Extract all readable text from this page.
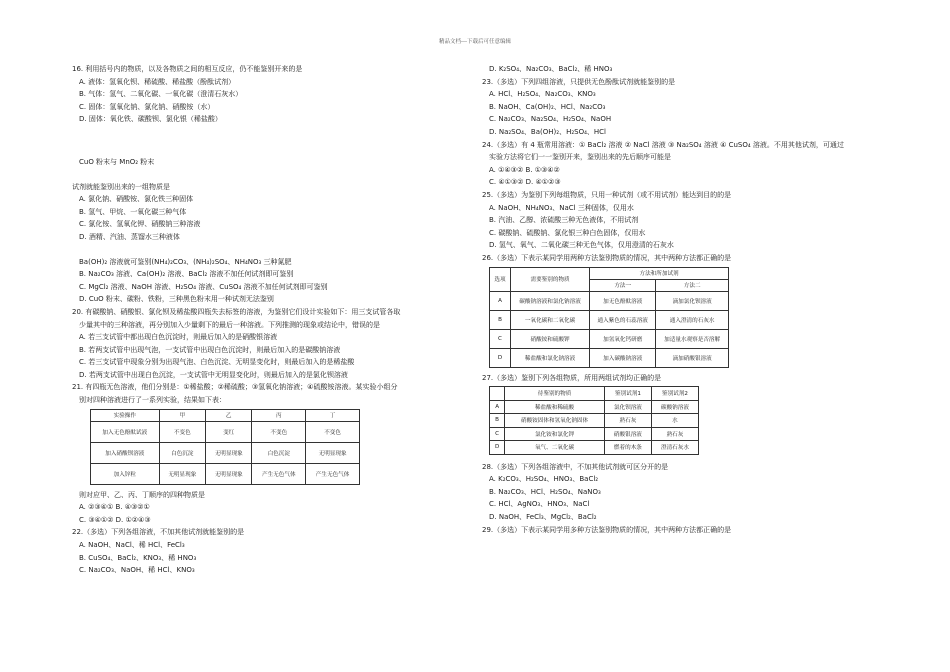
精品文档---下载后可任意编辑
16. 利用括号内的物质，以及各物质之间的相互反应，仍不能鉴别开来的是
A. 液体：氢氧化钡、稀硫酸、稀盐酸（酚酞试剂）
B. 气体：氢气、二氧化碳、一氧化碳（澄清石灰水）
C. 固体：氢氧化钠、氯化钠、硝酸铵（水）
D. 固体：氧化铁、碳酸钡、氯化银（稀盐酸）
CuO 粉末与 MnO₂ 粉末
试剂就能鉴别出来的一组物质是
A. 氯化钠、硝酸铵、氯化铁三种固体
B. 氢气、甲烷、一氧化碳三种气体
C. 氯化铵、氢氧化钾、硝酸钠三种溶液
D. 酒精、汽油、蒸馏水三种液体
Ba(OH)₂ 溶液就可鉴别(NH₄)₂CO₃、(NH₄)₂SO₄、NH₄NO₃ 三种氮肥
B. Na₂CO₃ 溶液、Ca(OH)₂ 溶液、BaCl₂ 溶液不加任何试剂即可鉴别
C. MgCl₂ 溶液、NaOH 溶液、H₂SO₄ 溶液、CuSO₄ 溶液不加任何试剂即可鉴别
D. CuO 粉末、碳粉、铁粉，三种黑色粉末用一种试剂无法鉴别
20. 有碳酸钠、硝酸银、氯化钡及稀盐酸四瓶失去标签的溶液，为鉴别它们设计实验如下：用三支试管各取
少量其中的三种溶液，再分别加入少量剩下的最后一种溶液。下列推测的现象或结论中，错误的是
A. 若三支试管中都出现白色沉淀时，则最后加入的是硝酸银溶液
B. 若两支试管中出现气泡，一支试管中出现白色沉淀时，则最后加入的是碳酸钠溶液
C. 若三支试管中现象分别为出现气泡、白色沉淀、无明显变化时，则最后加入的是稀盐酸
D. 若两支试管中出现白色沉淀，一支试管中无明显变化时，则最后加入的是氯化钡溶液
21. 有四瓶无色溶液，他们分别是：①稀盐酸；②稀硫酸；③氢氧化钠溶液；④硫酸铵溶液。某实验小组分
别对四种溶液进行了一系列实验，结果如下表：
实验操作	甲	乙	丙	丁
加入无色酚酞试液	不变色	变红	不变色	不变色
加入硝酸钡溶液	白色沉淀	无明显现象	白色沉淀	无明显现象
加入锌粒	无明显现象	无明显现象	产生无色气体	产生无色气体
则对应甲、乙、丙、丁顺序的四种物质是
A. ②③④① B. ④③②①
C. ③④①② D. ①②④③
22.（多选）下列各组溶液，不加其他试剂就能鉴别的是
A. NaOH、NaCl、稀 HCl、FeCl₃
B. CuSO₄、BaCl₂、KNO₃、稀 HNO₃
C. Na₂CO₃、NaOH、稀 HCl、KNO₃
D. K₂SO₄、Na₂CO₃、BaCl₂、稀 HNO₃
23.（多选）下列四组溶液，只提供无色酚酞试剂就能鉴别的是
A. HCl、H₂SO₄、Na₂CO₃、KNO₃
B. NaOH、Ca(OH)₂、HCl、Na₂CO₃
C. Na₂CO₃、Na₂SO₄、H₂SO₄、NaOH
D. Na₂SO₄、Ba(OH)₂、H₂SO₄、HCl
24.（多选）有 4 瓶常用溶液：① BaCl₂ 溶液 ② NaCl 溶液 ③ Na₂SO₄ 溶液 ④ CuSO₄ 溶液。不用其他试剂，可通过
实验方法将它们一一鉴别开来，鉴别出来的先后顺序可能是
A. ①④③② B. ①③④②
C. ④①③② D. ④①②③
25.（多选）为鉴别下列每组物质，只用一种试剂（或不用试剂）能达到目的的是
A. NaOH、NH₄NO₃、NaCl 三种固体，仅用水
B. 汽油、乙醇、浓硫酸三种无色液体，不用试剂
C. 碳酸钠、硫酸钠、氯化银三种白色固体，仅用水
D. 氢气、氧气、二氧化碳三种无色气体，仅用澄清的石灰水
26.（多选）下表示某同学用两种方法鉴别物质的情况，其中两种方法都正确的是
选项	需要鉴别的物质	方法和所加试剂	
		方法一	方法二
A	碳酸钠溶液和氯化钠溶液	加无色酚酞溶液	滴加氯化钡溶液
B	一氧化碳和二氧化碳	通入紫色的石蕊溶液	通入澄清的石灰水
C	硝酸铵和硫酸钾	加氢氧化钙研磨	加适量水观察是否溶解
D	稀盐酸和氯化钠溶液	加入碳酸钠溶液	滴加硝酸银溶液
27.（多选）鉴别下列各组物质，所用两组试剂均正确的是
	待鉴别的物质	鉴别试剂1	鉴别试剂2
A	稀盐酸和稀硫酸	氯化钡溶液	碳酸钠溶液
B	硝酸铵固体和氢氧化钠固体	熟石灰	水
C	氯化铵和氯化钾	硝酸银溶液	熟石灰
D	氧气、二氧化碳	燃着的木条	澄清石灰水
28.（多选）下列各组溶液中，不加其他试剂就可区分开的是
A. K₂CO₃、H₂SO₄、HNO₃、BaCl₂
B. Na₂CO₃、HCl、H₂SO₄、NaNO₃
C. HCl、AgNO₃、HNO₃、NaCl
D. NaOH、FeCl₃、MgCl₂、BaCl₂
29.（多选）下表示某同学用多种方法鉴别物质的情况，其中两种方法都正确的是
